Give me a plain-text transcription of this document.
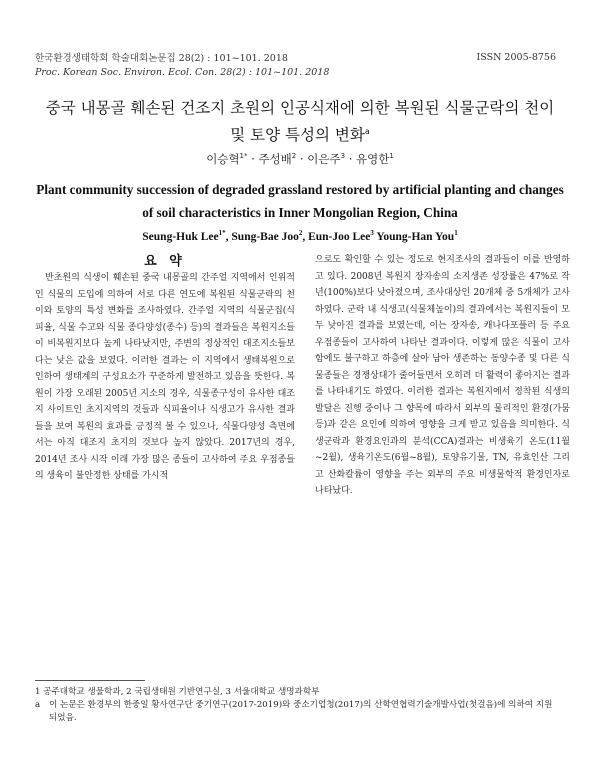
한국환경생태학회 학술대회논문집 28(2) : 101~101. 2018
Proc. Korean Soc. Environ. Ecol. Con. 28(2) : 101~101. 2018
ISSN 2005-8756
중국 내몽골 훼손된 건조지 초원의 인공식재에 의한 복원된 식물군락의 천이
및 토양 특성의 변화$^a$
이승혁$^{1*}$ · 주성배$^2$ · 이은주$^3$ · 유영한$^1$
Plant community succession of degraded grassland restored by artificial planting and changes
of soil characteristics in Inner Mongolian Region, China
Seung-Huk Lee$^{1*}$, Sung-Bae Joo$^2$, Eun-Joo Lee$^3$ Young-Han You$^1$
요 약

반초원의 식생이 훼손된 중국 내몽골의 간주얼 지역에서 인위적인 식물의 도입에 의하여 서로 다른 연도에 복원된 식물군락의 천이와 토양의 특성 변화를 조사하였다. 간주얼 지역의 식물군집(식피율, 식물 수고와 식물 종다양성(종수) 등)의 결과들은 복원지소들이 비복원지보다 높게 나타났지만, 주변의 정상적인 대조지소들보다는 낮은 값을 보였다. 이러한 결과는 이 지역에서 생태복원으로 인하여 생태계의 구성요소가 꾸준하게 발전하고 있음을 뜻한다. 복원이 가장 오래된 2005년 지소의 경우, 식물종구성이 유사한 대조지 사이트인 초지지역의 것들과 식피율이나 식생고가 유사한 결과들을 보여 복원의 효과를 긍정적 볼 수 있으나, 식물다양성 측면에서는 아직 대조지 초지의 것보다 높지 않았다. 2017년의 경우, 2014년 조사 시작 이래 가장 많은 종들이 고사하여 주요 우점종들의 생육이 불안정한 상태를 가시적

으로도 확인할 수 있는 정도로 현지조사의 결과들이 이를 반영하고 있다. 2008년 복원지 장자송의 소지생존 성장률은 47%로 작년(100%)보다 낮아졌으며, 조사대상인 20개체 중 5개체가 고사하였다. 군락 내 식생고(식물체높이)의 결과에서는 복원지들이 모두 낮아진 결과를 보였는데, 이는 장자송, 캐나다포플러 등 주요 우점종들이 고사하여 나타난 결과이다. 이렇게 많은 식물이 고사함에도 불구하고 하층에 살아 남아 생존하는 동양수종 및 다른 식물종들은 경쟁상대가 줄어들면서 오히려 더 활력이 좋아지는 결과를 나타내기도 하였다. 이러한 결과는 복원지에서 정착된 식생의 발달은 진행 중이나 그 향목에 따라서 외부의 물리적인 환경(가뭄 등)과 같은 요인에 의하여 영향을 크게 받고 있음을 의미한다. 식생군락과 환경요인과의 분석(CCA)결과는 비생육기 온도(11월~2월), 생육기온도(6월~8월), 토양유기물, TN, 유효인산 그리고 산화칼륨이 영향을 주는 외부의 주요 비생물학적 환경인자로 나타났다.

1 공주대학교 생물학과, 2 국립생태원 기반연구실, 3 서울대학교 생명과학부

a	이 논문은 환경부의 한중일 황사연구단 중기연구(2017-2019)와 중소기업청(2017)의 산학연협력기술개발사업(첫걸음)에 의하여 지원되었음.
